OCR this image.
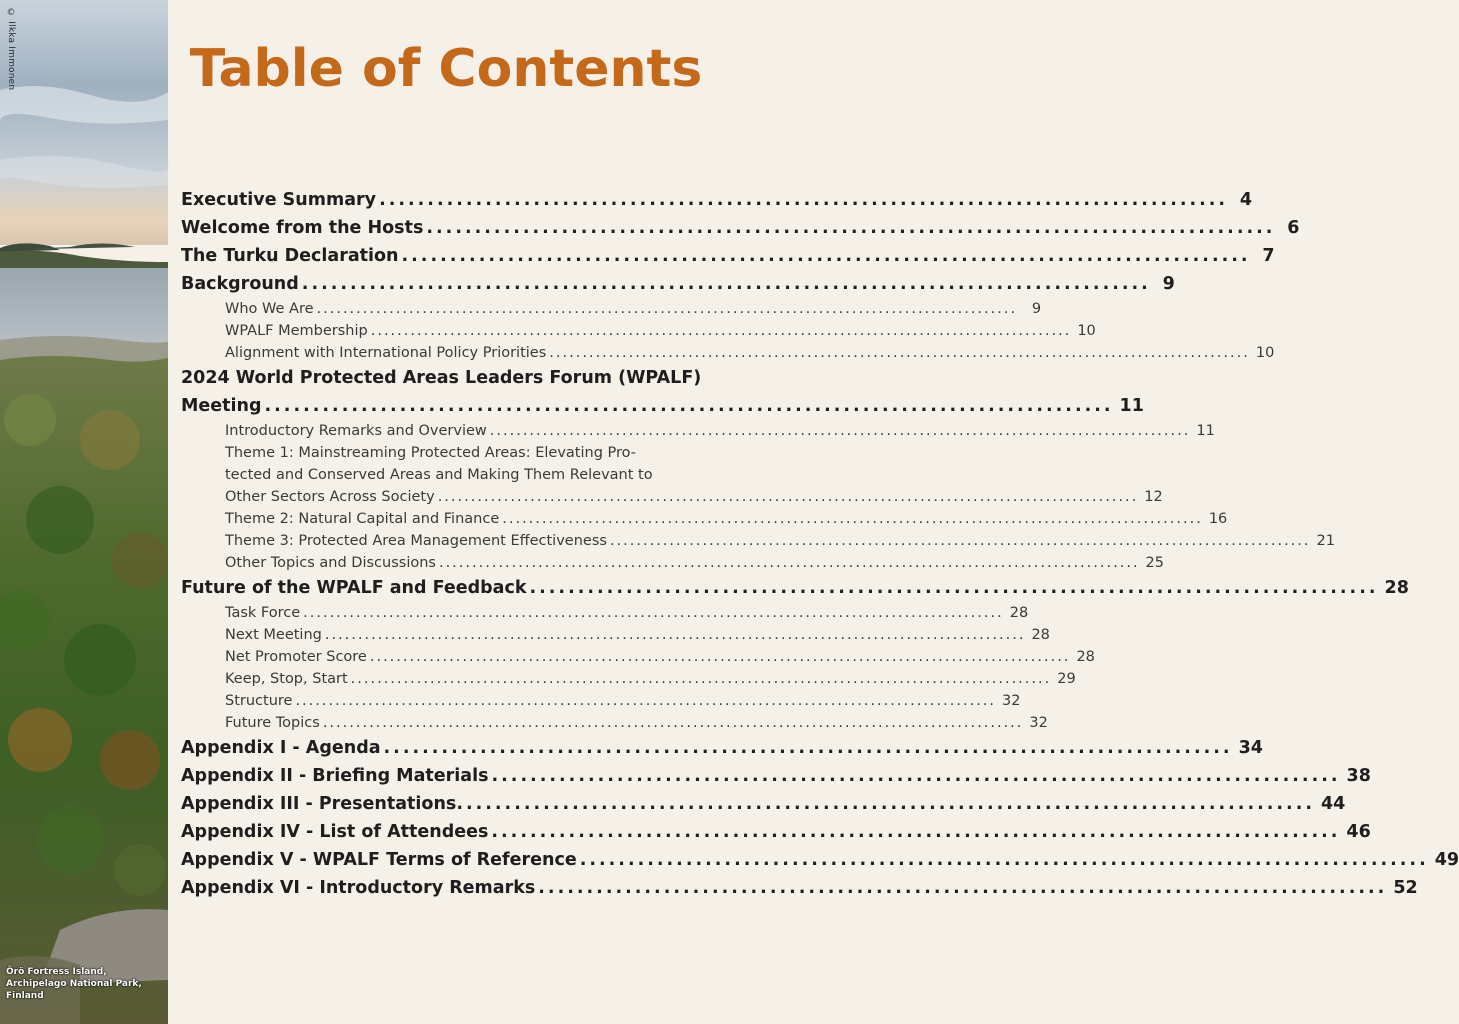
© Ilkka Immonen
Örö Fortress Island, Archipelago National Park, Finland
Table of Contents
Executive Summary ........................................................................................ 4
Welcome from the Hosts ........................................................................................ 6
The Turku Declaration ........................................................................................ 7
Background ........................................................................................ 9
Who We Are ..........................................................................................................	9
WPALF Membership .......................................................................................................... 10
Alignment with International Policy Priorities .......................................................................................................... 10
2024 World Protected Areas Leaders Forum (WPALF)
Meeting ........................................................................................ 11
Introductory Remarks and Overview .......................................................................................................... 11
Theme 1: Mainstreaming Protected Areas: Elevating Pro-
tected and Conserved Areas and Making Them Relevant to
Other Sectors Across Society .......................................................................................................... 12
Theme 2: Natural Capital and Finance .......................................................................................................... 16
Theme 3: Protected Area Management Effectiveness .......................................................................................................... 21
Other Topics and Discussions .......................................................................................................... 25
Future of the WPALF and Feedback ........................................................................................ 28
Task Force .......................................................................................................... 28
Next Meeting .......................................................................................................... 28
Net Promoter Score .......................................................................................................... 28
Keep, Stop, Start .......................................................................................................... 29
Structure .......................................................................................................... 32
Future Topics .......................................................................................................... 32
Appendix I - Agenda ........................................................................................ 34
Appendix II - Briefing Materials ........................................................................................ 38
Appendix III - Presentations. ........................................................................................ 44
Appendix IV - List of Attendees ........................................................................................ 46
Appendix V - WPALF Terms of Reference ........................................................................................ 49
Appendix VI - Introductory Remarks ........................................................................................ 52
